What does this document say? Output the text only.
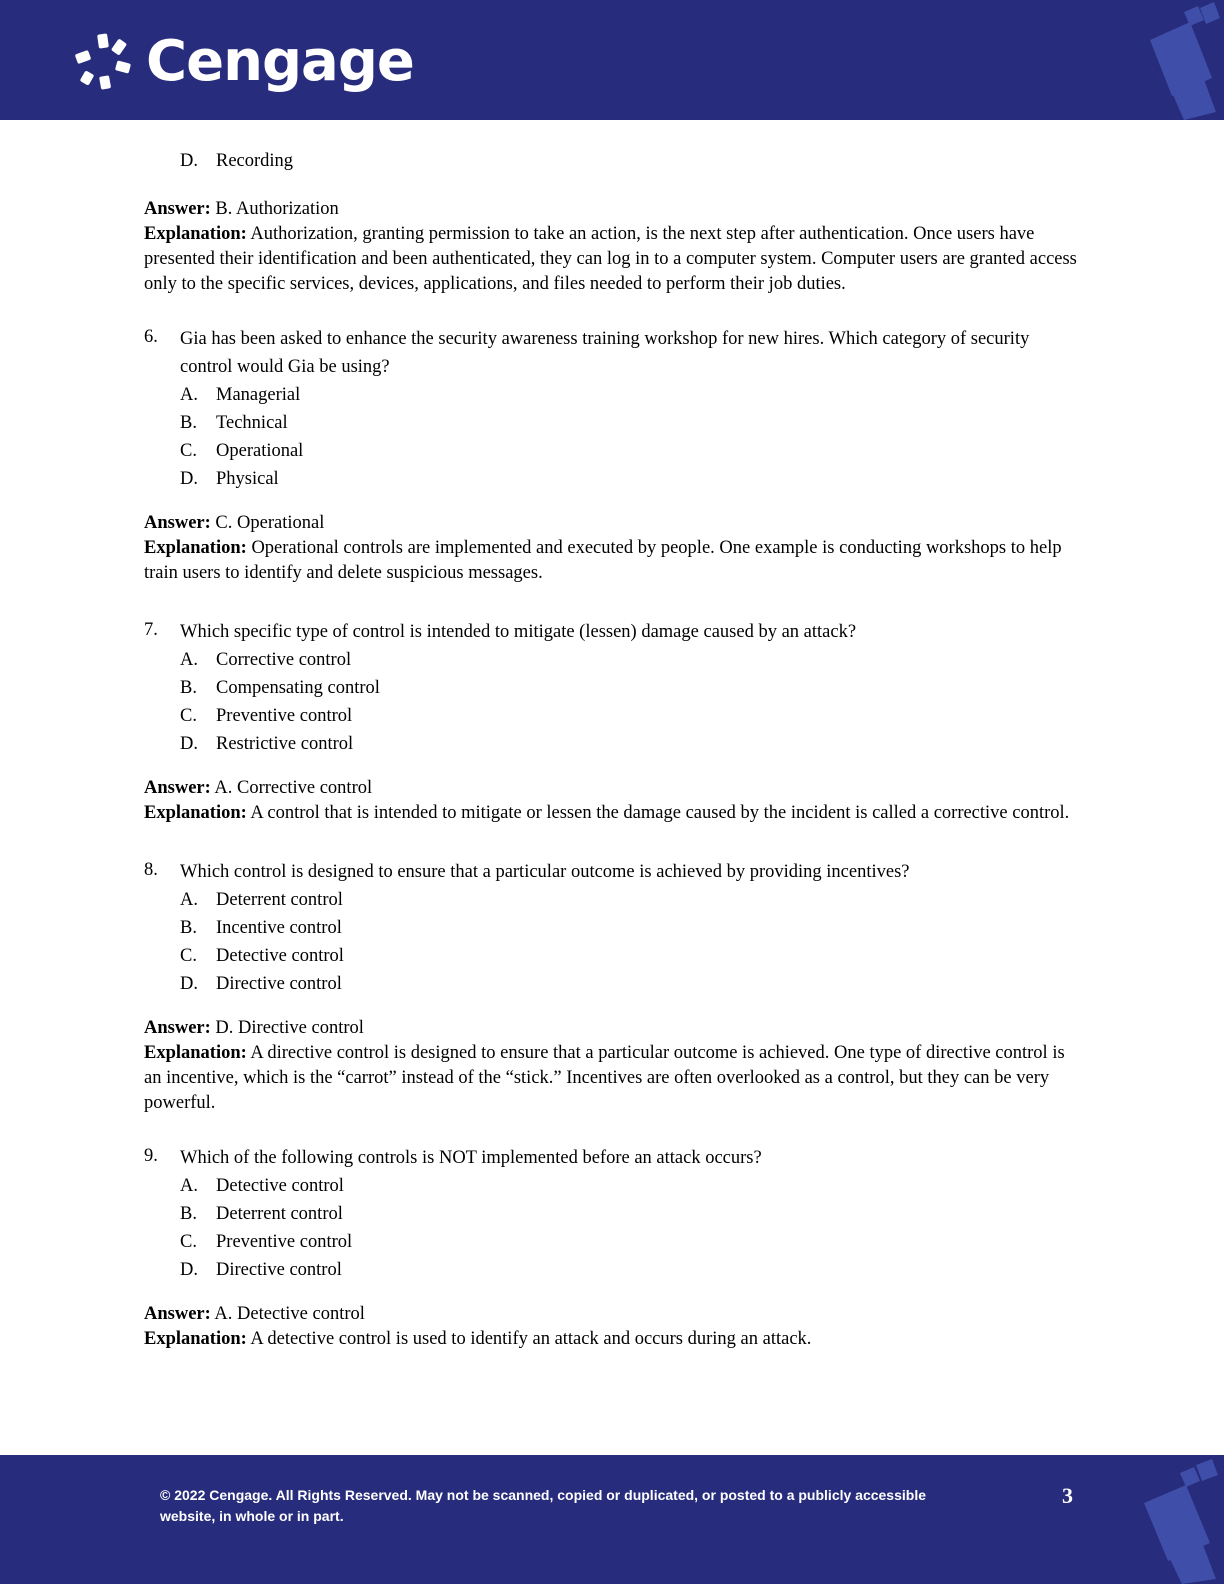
Cengage
D. Recording
Answer: B. Authorization
Explanation: Authorization, granting permission to take an action, is the next step after authentication. Once users have presented their identification and been authenticated, they can log in to a computer system. Computer users are granted access only to the specific services, devices, applications, and files needed to perform their job duties.
6.	Gia has been asked to enhance the security awareness training workshop for new hires. Which category of security control would Gia be using?
A. Managerial
B.	Technical
C.	Operational
D. Physical
Answer: C. Operational
Explanation: Operational controls are implemented and executed by people. One example is conducting workshops to help train users to identify and delete suspicious messages.
7.	Which specific type of control is intended to mitigate (lessen) damage caused by an attack?
A. Corrective control
B.	Compensating control
C.	Preventive control
D. Restrictive control
Answer: A. Corrective control
Explanation: A control that is intended to mitigate or lessen the damage caused by the incident is called a corrective control.
8.	Which control is designed to ensure that a particular outcome is achieved by providing incentives?
A. Deterrent control
B.	Incentive control
C.	Detective control
D. Directive control
Answer: D. Directive control
Explanation: A directive control is designed to ensure that a particular outcome is achieved. One type of directive control is an incentive, which is the “carrot” instead of the “stick.” Incentives are often overlooked as a control, but they can be very powerful.
9.	Which of the following controls is NOT implemented before an attack occurs?
A. Detective control
B.	Deterrent control
C.	Preventive control
D. Directive control
Answer: A. Detective control
Explanation: A detective control is used to identify an attack and occurs during an attack.
© 2022 Cengage. All Rights Reserved. May not be scanned, copied or duplicated, or posted to a publicly accessible website, in whole or in part.
3
